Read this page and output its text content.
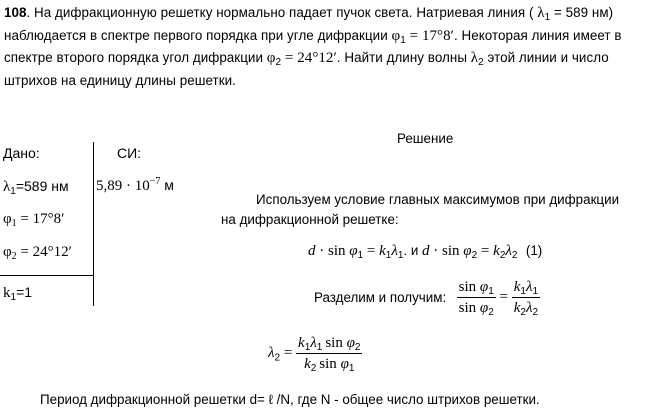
108. На дифракционную решетку нормально падает пучок света. Натриевая линия ( $\lambda_1 = 589$ нм) наблюдается в спектре первого порядка при угле дифракции $\varphi_1 = 17^\circ 8'$. Некоторая линия имеет в спектре второго порядка угол дифракции $\varphi_2 = 24^\circ 12'$. Найти длину волны $\lambda_2$ этой линии и число штрихов на единицу длины решетки.
Дано:	СИ:
$\lambda_1=589$ нм $5,89 \cdot 10^{-7}$ м
$\varphi_1 = 17^\circ 8'$
$\varphi_2 = 24^\circ 12'$
$k_1=1$
Решение
Используем условие главных максимумов при дифракции
на дифракционной решетке:
$d \cdot \sin \varphi_1 = k_1\lambda_1$. и $d \cdot \sin \varphi_2 = k_2\lambda_2$ (1)
Разделим и получим: $\frac{\sin \varphi_1}{\sin \varphi_2} = \frac{k_1\lambda_1}{k_2\lambda_2}$
$\lambda_2 = \frac{k_1\lambda_1 \sin \varphi_2}{k_2 \sin \varphi_1}$
Период дифракционной решетки d= ℓ /N, где N - общее число штрихов решетки.
